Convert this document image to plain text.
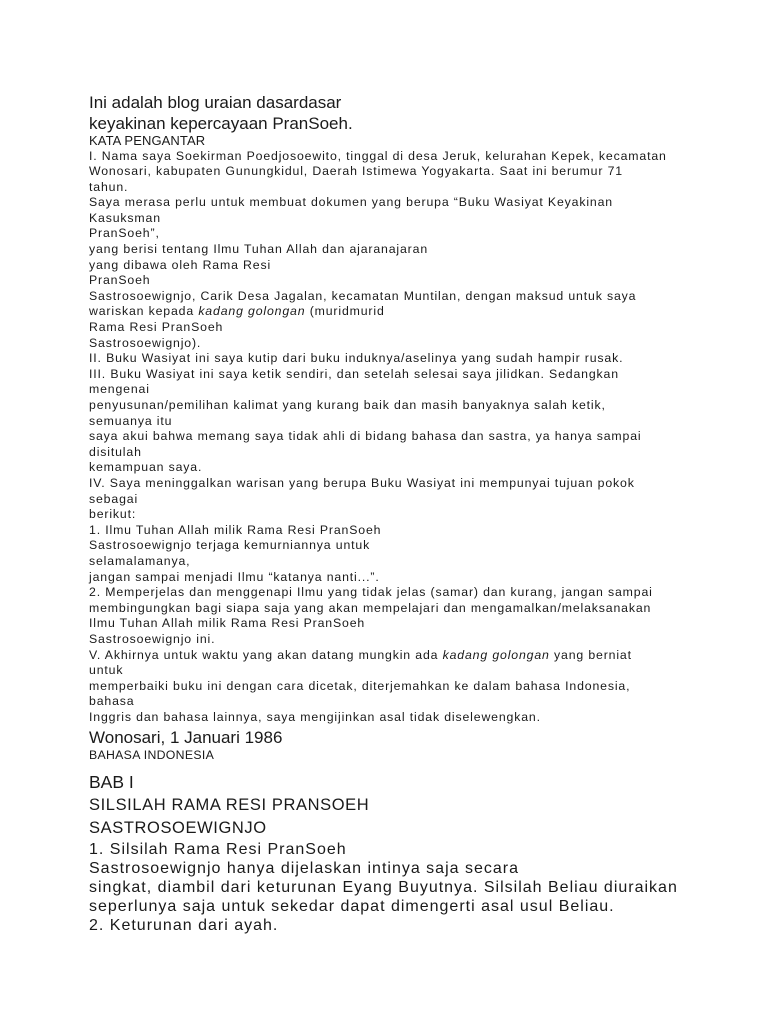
Ini adalah blog uraian dasardasar
keyakinan kepercayaan PranSoeh.
KATA PENGANTAR
I. Nama saya Soekirman Poedjosoewito, tinggal di desa Jeruk, kelurahan Kepek, kecamatan
Wonosari, kabupaten Gunungkidul, Daerah Istimewa Yogyakarta. Saat ini berumur 71
tahun.
Saya merasa perlu untuk membuat dokumen yang berupa “Buku Wasiyat Keyakinan
Kasuksman
PranSoeh”,
yang berisi tentang Ilmu Tuhan Allah dan ajaranajaran
yang dibawa oleh Rama Resi
PranSoeh
Sastrosoewignjo, Carik Desa Jagalan, kecamatan Muntilan, dengan maksud untuk saya
wariskan kepada kadang golongan (muridmurid
Rama Resi PranSoeh
Sastrosoewignjo).
II. Buku Wasiyat ini saya kutip dari buku induknya/aselinya yang sudah hampir rusak.
III. Buku Wasiyat ini saya ketik sendiri, dan setelah selesai saya jilidkan. Sedangkan
mengenai
penyusunan/pemilihan kalimat yang kurang baik dan masih banyaknya salah ketik,
semuanya itu
saya akui bahwa memang saya tidak ahli di bidang bahasa dan sastra, ya hanya sampai
disitulah
kemampuan saya.
IV. Saya meninggalkan warisan yang berupa Buku Wasiyat ini mempunyai tujuan pokok
sebagai
berikut:
1. Ilmu Tuhan Allah milik Rama Resi PranSoeh
Sastrosoewignjo terjaga kemurniannya untuk
selamalamanya,
jangan sampai menjadi Ilmu “katanya nanti...”.
2. Memperjelas dan menggenapi Ilmu yang tidak jelas (samar) dan kurang, jangan sampai
membingungkan bagi siapa saja yang akan mempelajari dan mengamalkan/melaksanakan
Ilmu Tuhan Allah milik Rama Resi PranSoeh
Sastrosoewignjo ini.
V. Akhirnya untuk waktu yang akan datang mungkin ada kadang golongan yang berniat
untuk
memperbaiki buku ini dengan cara dicetak, diterjemahkan ke dalam bahasa Indonesia,
bahasa
Inggris dan bahasa lainnya, saya mengijinkan asal tidak diselewengkan.
Wonosari, 1 Januari 1986
BAHASA INDONESIA
BAB I
SILSILAH RAMA RESI PRANSOEH
SASTROSOEWIGNJO
1. Silsilah Rama Resi PranSoeh
Sastrosoewignjo hanya dijelaskan intinya saja secara
singkat, diambil dari keturunan Eyang Buyutnya. Silsilah Beliau diuraikan
seperlunya saja untuk sekedar dapat dimengerti asal usul Beliau.
2. Keturunan dari ayah.
